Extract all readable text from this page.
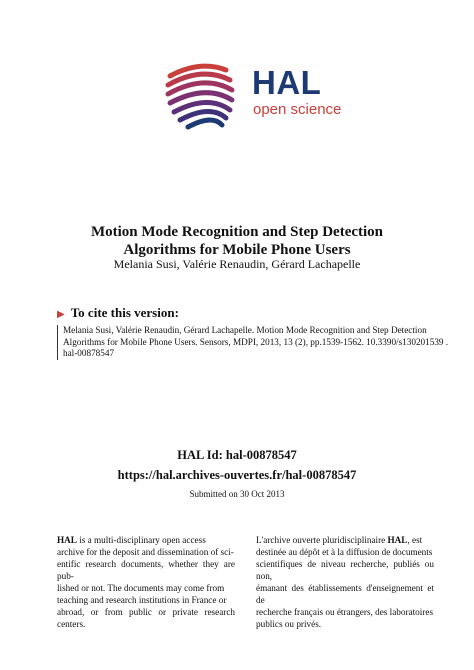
HAL
open science
Motion Mode Recognition and Step Detection
Algorithms for Mobile Phone Users
Melania Susi, Valérie Renaudin, Gérard Lachapelle
▶ To cite this version:
Melania Susi, Valérie Renaudin, Gérard Lachapelle. Motion Mode Recognition and Step Detection
Algorithms for Mobile Phone Users. Sensors, MDPI, 2013, 13 (2), pp.1539-1562. 10.3390/s130201539 .
hal-00878547
HAL Id: hal-00878547
https://hal.archives-ouvertes.fr/hal-00878547
Submitted on 30 Oct 2013
HAL is a multi-disciplinary open access
archive for the deposit and dissemination of sci-
entific research documents, whether they are pub-
lished or not. The documents may come from
teaching and research institutions in France or
abroad, or from public or private research centers.
L'archive ouverte pluridisciplinaire HAL, est
destinée au dépôt et à la diffusion de documents
scientifiques de niveau recherche, publiés ou non,
émanant des établissements d'enseignement et de
recherche français ou étrangers, des laboratoires
publics ou privés.
